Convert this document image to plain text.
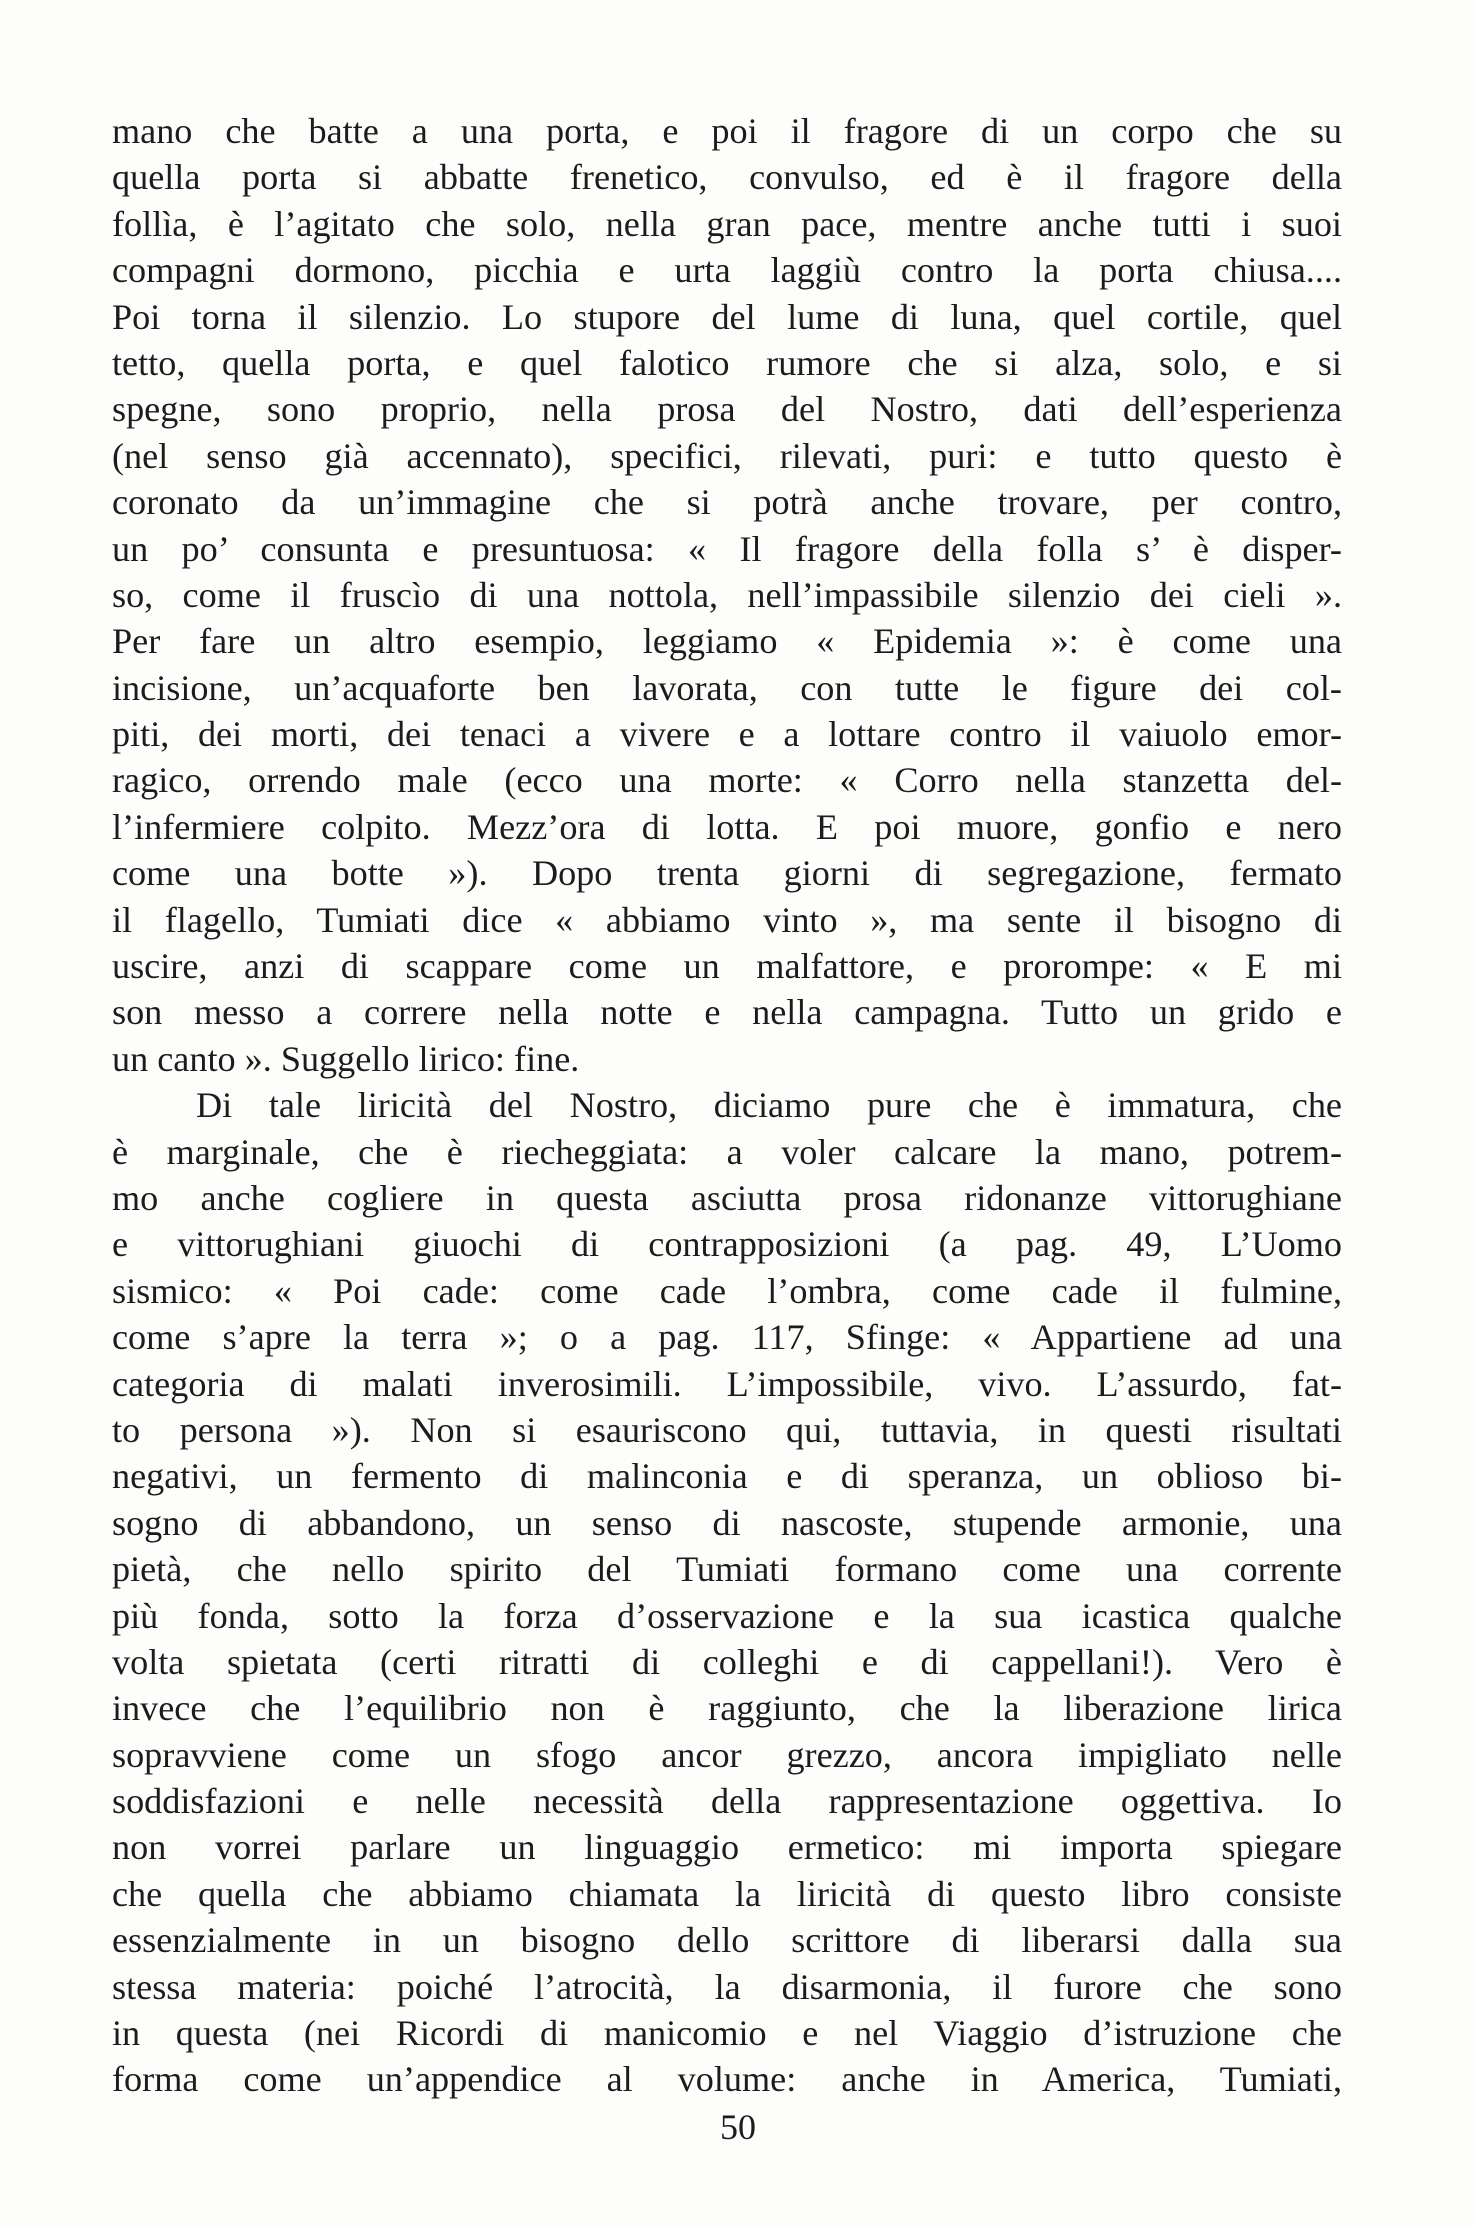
mano che batte a una porta, e poi il fragore di un corpo che su
quella porta si abbatte frenetico, convulso, ed è il fragore della
follìa, è l’agitato che solo, nella gran pace, mentre anche tutti i suoi
compagni dormono, picchia e urta laggiù contro la porta chiusa....
Poi torna il silenzio. Lo stupore del lume di luna, quel cortile, quel
tetto, quella porta, e quel falotico rumore che si alza, solo, e si
spegne, sono proprio, nella prosa del Nostro, dati dell’esperienza
(nel senso già accennato), specifici, rilevati, puri: e tutto questo è
coronato da un’immagine che si potrà anche trovare, per contro,
un po’ consunta e presuntuosa: « Il fragore della folla s’ è disper-
so, come il fruscìo di una nottola, nell’impassibile silenzio dei cieli ».
Per fare un altro esempio, leggiamo « Epidemia »: è come una
incisione, un’acquaforte ben lavorata, con tutte le figure dei col-
piti, dei morti, dei tenaci a vivere e a lottare contro il vaiuolo emor-
ragico, orrendo male (ecco una morte: « Corro nella stanzetta del-
l’infermiere colpito. Mezz’ora di lotta. E poi muore, gonfio e nero
come una botte »). Dopo trenta giorni di segregazione, fermato
il flagello, Tumiati dice « abbiamo vinto », ma sente il bisogno di
uscire, anzi di scappare come un malfattore, e prorompe: « E mi
son messo a correre nella notte e nella campagna. Tutto un grido e
un canto ». Suggello lirico: fine.
Di tale liricità del Nostro, diciamo pure che è immatura, che
è marginale, che è riecheggiata: a voler calcare la mano, potrem-
mo anche cogliere in questa asciutta prosa ridonanze vittorughiane
e vittorughiani giuochi di contrapposizioni (a pag. 49, L’Uomo
sismico: « Poi cade: come cade l’ombra, come cade il fulmine,
come s’apre la terra »; o a pag. 117, Sfinge: « Appartiene ad una
categoria di malati inverosimili. L’impossibile, vivo. L’assurdo, fat-
to persona »). Non si esauriscono qui, tuttavia, in questi risultati
negativi, un fermento di malinconia e di speranza, un oblioso bi-
sogno di abbandono, un senso di nascoste, stupende armonie, una
pietà, che nello spirito del Tumiati formano come una corrente
più fonda, sotto la forza d’osservazione e la sua icastica qualche
volta spietata (certi ritratti di colleghi e di cappellani!). Vero è
invece che l’equilibrio non è raggiunto, che la liberazione lirica
sopravviene come un sfogo ancor grezzo, ancora impigliato nelle
soddisfazioni e nelle necessità della rappresentazione oggettiva. Io
non vorrei parlare un linguaggio ermetico: mi importa spiegare
che quella che abbiamo chiamata la liricità di questo libro consiste
essenzialmente in un bisogno dello scrittore di liberarsi dalla sua
stessa materia: poiché l’atrocità, la disarmonia, il furore che sono
in questa (nei Ricordi di manicomio e nel Viaggio d’istruzione che
forma come un’appendice al volume: anche in America, Tumiati,
50
